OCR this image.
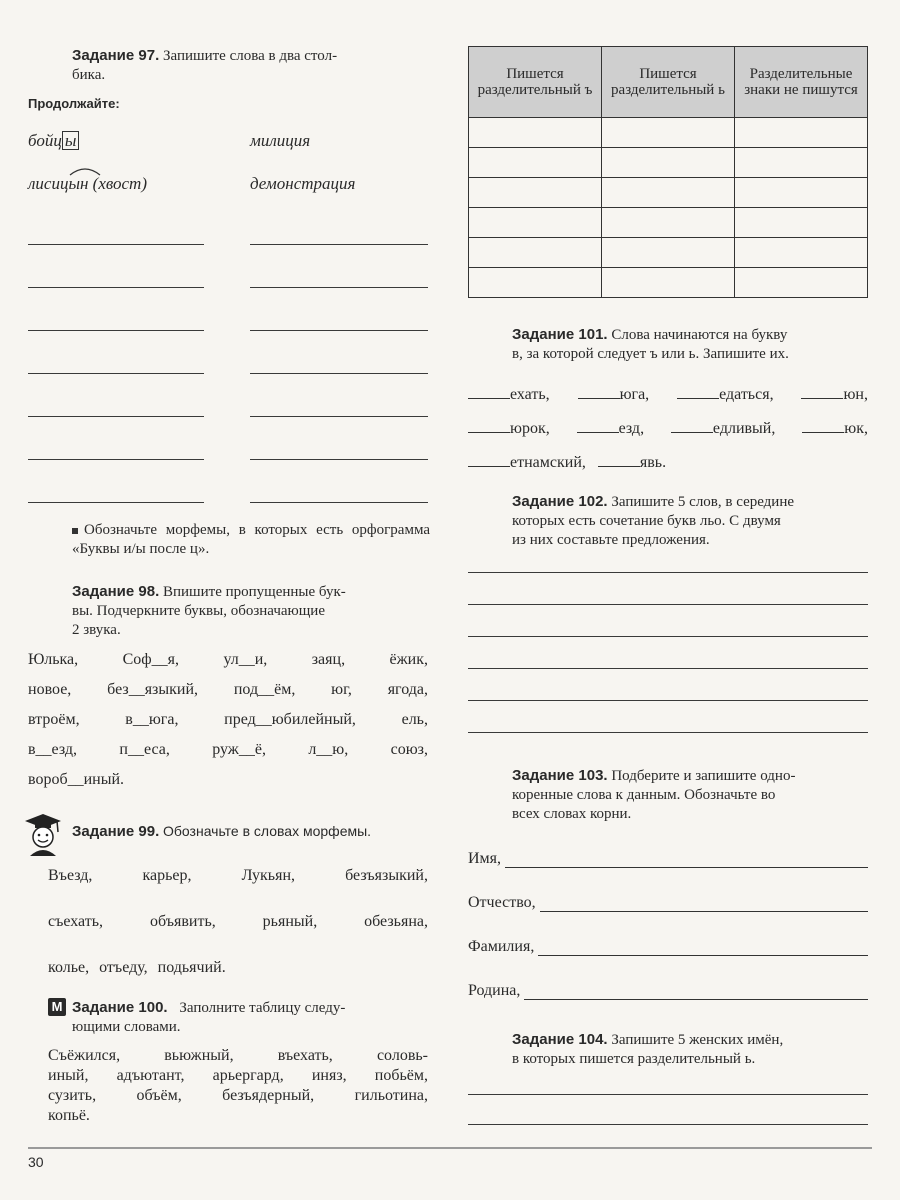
Задание 97. Запишите слова в два стол-
бика.
Продолжайте:
бойц ы	милиция
лисицын (хвост)	демонстрация
Обозначьте морфемы, в которых есть орфограмма «Буквы и/ы после ц».
Задание 98. Впишите пропущенные бук-
вы. Подчеркните буквы, обозначающие
2 звука.
Юлька,	Соф__я,	ул__и,	заяц,	ёжик,
новое, без__языкий, под__ём, юг, ягода,
втроём,	в__юга,	пред__юбилейный,	ель,
в__езд,	п__еса,	руж__ё,	л__ю,	союз,
вороб__иный.
Задание 99. Обозначьте в словах морфемы.
Въезд,	карьер,	Лукьян,	безъязыкий,
съехать,	объявить,	рьяный,	обезьяна,
колье, отъеду, подьячий.
М Задание 100. Заполните таблицу следу-
ющими словами.
Съёжился, вьюжный, въехать, соловь-
иный, адъютант, арьергард, иняз, побьём,
сузить, объём, безъядерный, гильотина,
копьё.
Пишется разделительный ъ	Пишется разделительный ь	Разделительные знаки не пишутся

Задание 101. Слова начинаются на букву
в, за которой следует ъ или ь. Запишите их.
ехать,	юга,	едаться,	юн,
юрок,	езд,	едливый,	юк,
етнамский,	явь.
Задание 102. Запишите 5 слов, в середине
которых есть сочетание букв льо. С двумя
из них составьте предложения.
Задание 103. Подберите и запишите одно-
коренные слова к данным. Обозначьте во
всех словах корни.
Имя,
Отчество,
Фамилия,
Родина,
Задание 104. Запишите 5 женских имён,
в которых пишется разделительный ь.
30
